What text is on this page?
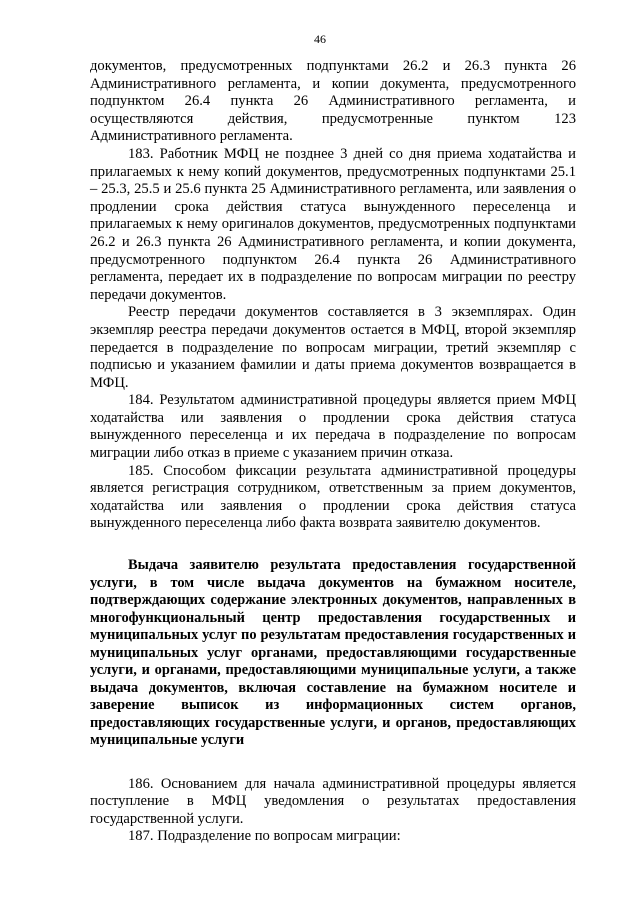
46

документов, предусмотренных подпунктами 26.2 и 26.3 пункта 26 Административного регламента, и копии документа, предусмотренного подпунктом 26.4 пункта 26 Административного регламента, и осуществляются действия, предусмотренные пунктом 123 Административного регламента.

183. Работник МФЦ не позднее 3 дней со дня приема ходатайства и прилагаемых к нему копий документов, предусмотренных подпунктами 25.1 – 25.3, 25.5 и 25.6 пункта 25 Административного регламента, или заявления о продлении срока действия статуса вынужденного переселенца и прилагаемых к нему оригиналов документов, предусмотренных подпунктами 26.2 и 26.3 пункта 26 Административного регламента, и копии документа, предусмотренного подпунктом 26.4 пункта 26 Административного регламента, передает их в подразделение по вопросам миграции по реестру передачи документов.

Реестр передачи документов составляется в 3 экземплярах. Один экземпляр реестра передачи документов остается в МФЦ, второй экземпляр передается в подразделение по вопросам миграции, третий экземпляр с подписью и указанием фамилии и даты приема документов возвращается в МФЦ.

184. Результатом административной процедуры является прием МФЦ ходатайства или заявления о продлении срока действия статуса вынужденного переселенца и их передача в подразделение по вопросам миграции либо отказ в приеме с указанием причин отказа.

185. Способом фиксации результата административной процедуры является регистрация сотрудником, ответственным за прием документов, ходатайства или заявления о продлении срока действия статуса вынужденного переселенца либо факта возврата заявителю документов.

Выдача заявителю результата предоставления государственной услуги, в том числе выдача документов на бумажном носителе, подтверждающих содержание электронных документов, направленных в многофункциональный центр предоставления государственных и муниципальных услуг по результатам предоставления государственных и муниципальных услуг органами, предоставляющими государственные услуги, и органами, предоставляющими муниципальные услуги, а также выдача документов, включая составление на бумажном носителе и заверение выписок из информационных систем органов, предоставляющих государственные услуги, и органов, предоставляющих муниципальные услуги

186. Основанием для начала административной процедуры является поступление в МФЦ уведомления о результатах предоставления государственной услуги.

187. Подразделение по вопросам миграции:
